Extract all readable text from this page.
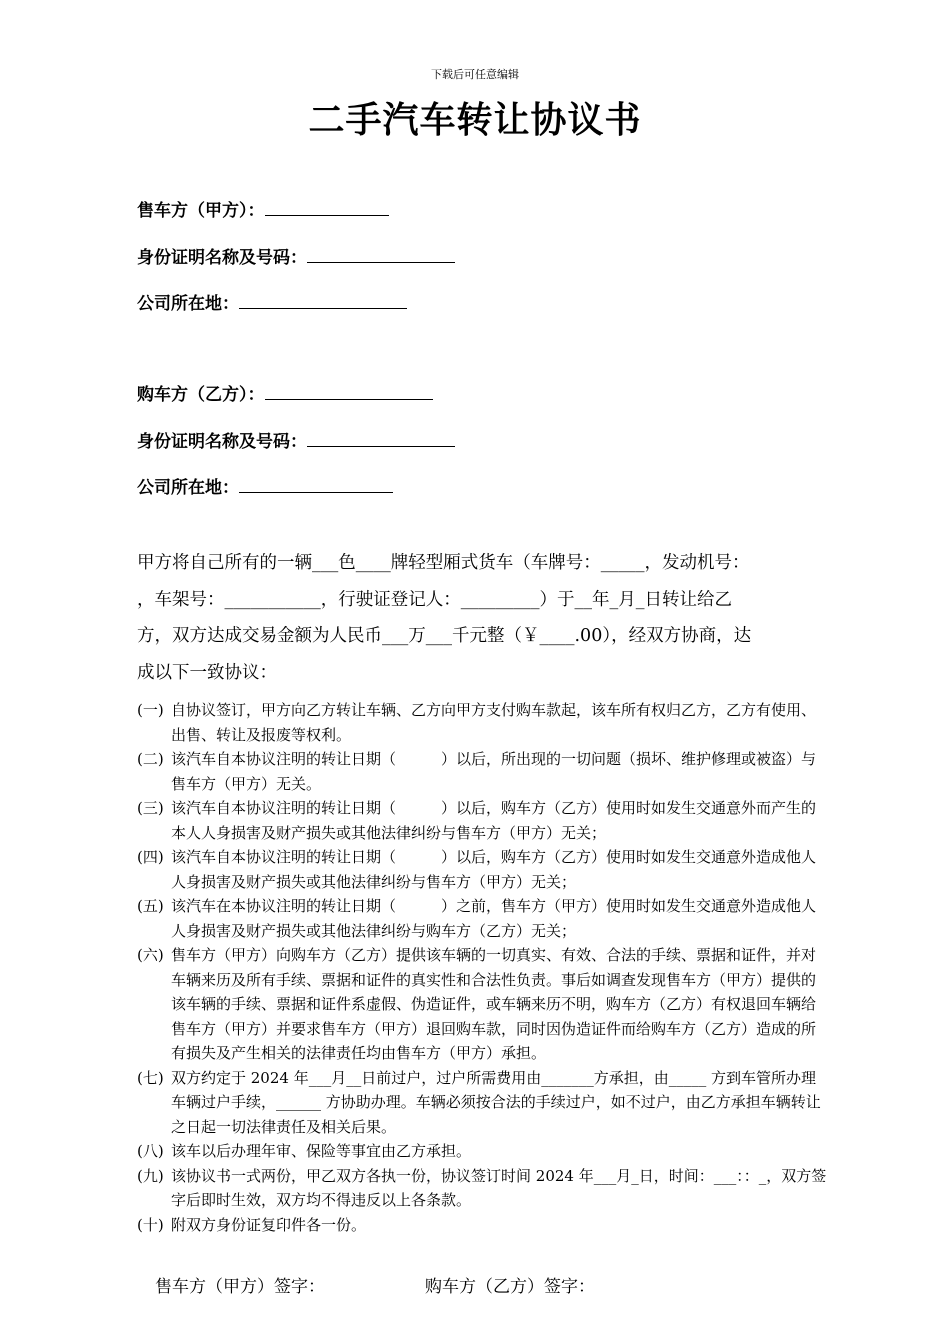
下载后可任意编辑
二手汽车转让协议书
售车方（甲方）：
身份证明名称及号码：
公司所在地：
购车方（乙方）：
身份证明名称及号码：
公司所在地：

甲方将自己所有的一辆___色____牌轻型厢式货车（车牌号：_____，发动机号：

，车架号：___________，行驶证登记人：_________）于__年_月_日转让给乙

方，双方达成交易金额为人民币___万___千元整（￥____.00），经双方协商，达

成以下一致协议：

(一) 自协议签订，甲方向乙方转让车辆、乙方向甲方支付购车款起，该车所有权归乙方，乙方有使用、出售、转让及报废等权利。
(二) 该汽车自本协议注明的转让日期（　　　）以后，所出现的一切问题（损坏、维护修理或被盗）与售车方（甲方）无关。
(三) 该汽车自本协议注明的转让日期（　　　）以后，购车方（乙方）使用时如发生交通意外而产生的本人人身损害及财产损失或其他法律纠纷与售车方（甲方）无关；
(四) 该汽车自本协议注明的转让日期（　　　）以后，购车方（乙方）使用时如发生交通意外造成他人人身损害及财产损失或其他法律纠纷与售车方（甲方）无关；
(五) 该汽车在本协议注明的转让日期（　　　）之前，售车方（甲方）使用时如发生交通意外造成他人人身损害及财产损失或其他法律纠纷与购车方（乙方）无关；
(六) 售车方（甲方）向购车方（乙方）提供该车辆的一切真实、有效、合法的手续、票据和证件，并对车辆来历及所有手续、票据和证件的真实性和合法性负责。事后如调查发现售车方（甲方）提供的该车辆的手续、票据和证件系虚假、伪造证件，或车辆来历不明，购车方（乙方）有权退回车辆给售车方（甲方）并要求售车方（甲方）退回购车款，同时因伪造证件而给购车方（乙方）造成的所有损失及产生相关的法律责任均由售车方（甲方）承担。
(七) 双方约定于 2024 年___月__日前过户，过户所需费用由_______方承担，由_____ 方到车管所办理车辆过户手续，______ 方协助办理。车辆必须按合法的手续过户，如不过户，由乙方承担车辆转让之日起一切法律责任及相关后果。
(八) 该车以后办理年审、保险等事宜由乙方承担。
(九) 该协议书一式两份，甲乙双方各执一份，协议签订时间 2024 年___月_日，时间：___：：_，双方签字后即时生效，双方均不得违反以上各条款。
(十) 附双方身份证复印件各一份。
售车方（甲方）签字：	购车方（乙方）签字：
